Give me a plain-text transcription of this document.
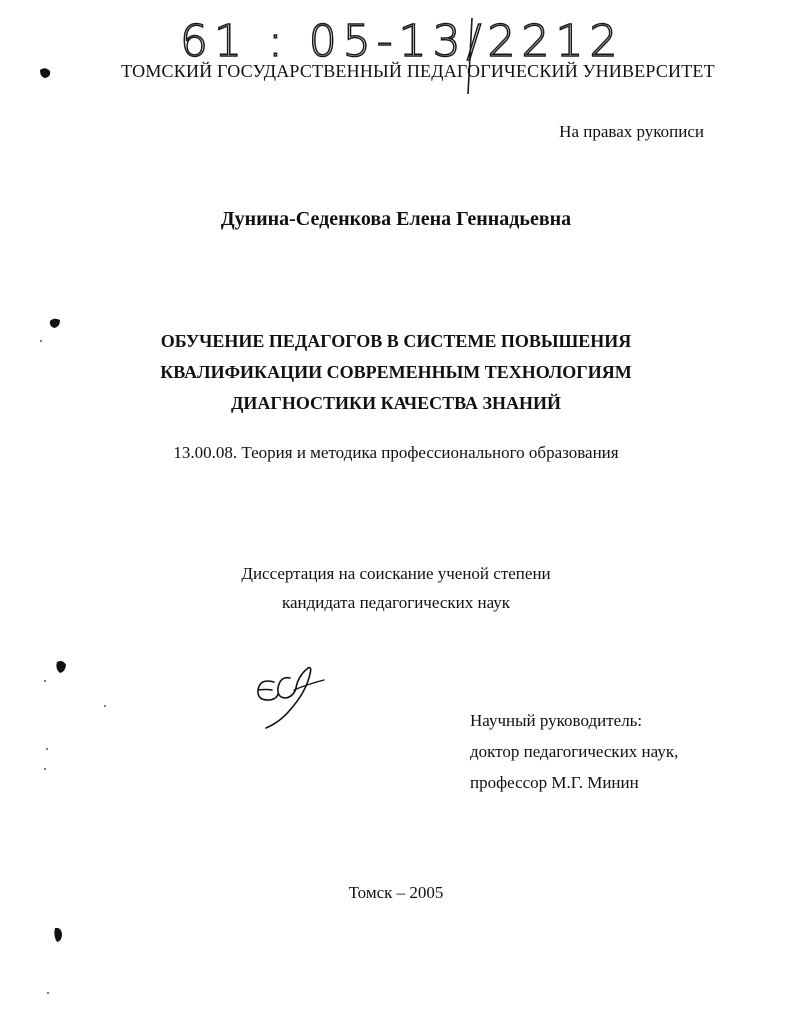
61 : 05-13/2212
ТОМСКИЙ ГОСУДАРСТВЕННЫЙ ПЕДАГОГИЧЕСКИЙ УНИВЕРСИТЕТ
На правах рукописи
Дунина-Седенкова Елена Геннадьевна
ОБУЧЕНИЕ ПЕДАГОГОВ В СИСТЕМЕ ПОВЫШЕНИЯ
КВАЛИФИКАЦИИ СОВРЕМЕННЫМ ТЕХНОЛОГИЯМ
ДИАГНОСТИКИ КАЧЕСТВА ЗНАНИЙ
13.00.08. Теория и методика профессионального образования
Диссертация на соискание ученой степени
кандидата педагогических наук
Научный руководитель:
доктор педагогических наук,
профессор М.Г. Минин
Томск – 2005
